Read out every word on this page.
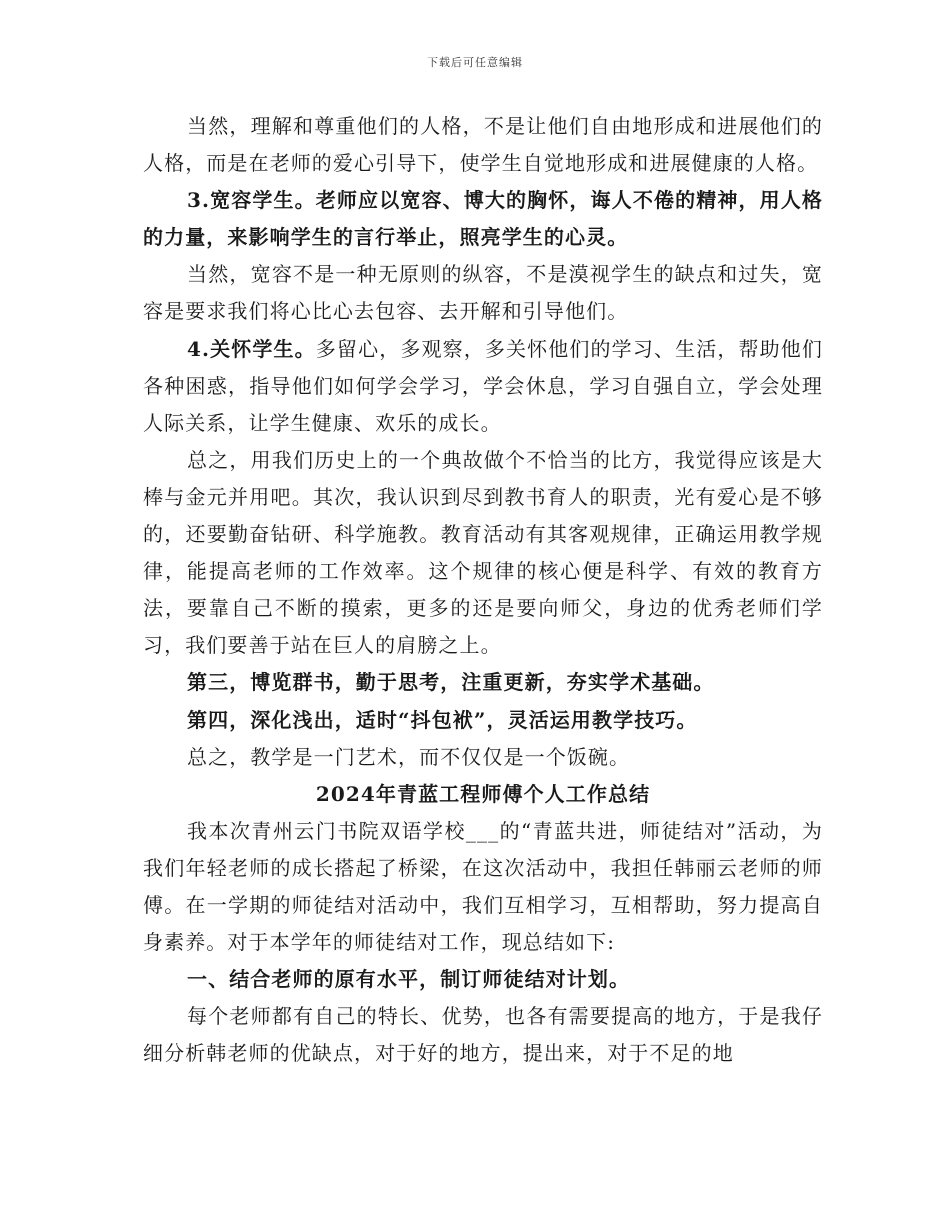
下载后可任意编辑

当然，理解和尊重他们的人格，不是让他们自由地形成和进展他们的人格，而是在老师的爱心引导下，使学生自觉地形成和进展健康的人格。

3.宽容学生。老师应以宽容、博大的胸怀，诲人不倦的精神，用人格的力量，来影响学生的言行举止，照亮学生的心灵。

当然，宽容不是一种无原则的纵容，不是漠视学生的缺点和过失，宽容是要求我们将心比心去包容、去开解和引导他们。

4.关怀学生。多留心，多观察，多关怀他们的学习、生活，帮助他们各种困惑，指导他们如何学会学习，学会休息，学习自强自立，学会处理人际关系，让学生健康、欢乐的成长。

总之，用我们历史上的一个典故做个不恰当的比方，我觉得应该是大棒与金元并用吧。其次，我认识到尽到教书育人的职责，光有爱心是不够的，还要勤奋钻研、科学施教。教育活动有其客观规律，正确运用教学规律，能提高老师的工作效率。这个规律的核心便是科学、有效的教育方法，要靠自己不断的摸索，更多的还是要向师父，身边的优秀老师们学习，我们要善于站在巨人的肩膀之上。

第三，博览群书，勤于思考，注重更新，夯实学术基础。

第四，深化浅出，适时“抖包袱”，灵活运用教学技巧。

总之，教学是一门艺术，而不仅仅是一个饭碗。

2024年青蓝工程师傅个人工作总结

我本次青州云门书院双语学校___的“青蓝共进，师徒结对”活动，为我们年轻老师的成长搭起了桥梁，在这次活动中，我担任韩丽云老师的师傅。在一学期的师徒结对活动中，我们互相学习，互相帮助，努力提高自身素养。对于本学年的师徒结对工作，现总结如下:

一、结合老师的原有水平，制订师徒结对计划。

每个老师都有自己的特长、优势，也各有需要提高的地方，于是我仔细分析韩老师的优缺点，对于好的地方，提出来，对于不足的地
